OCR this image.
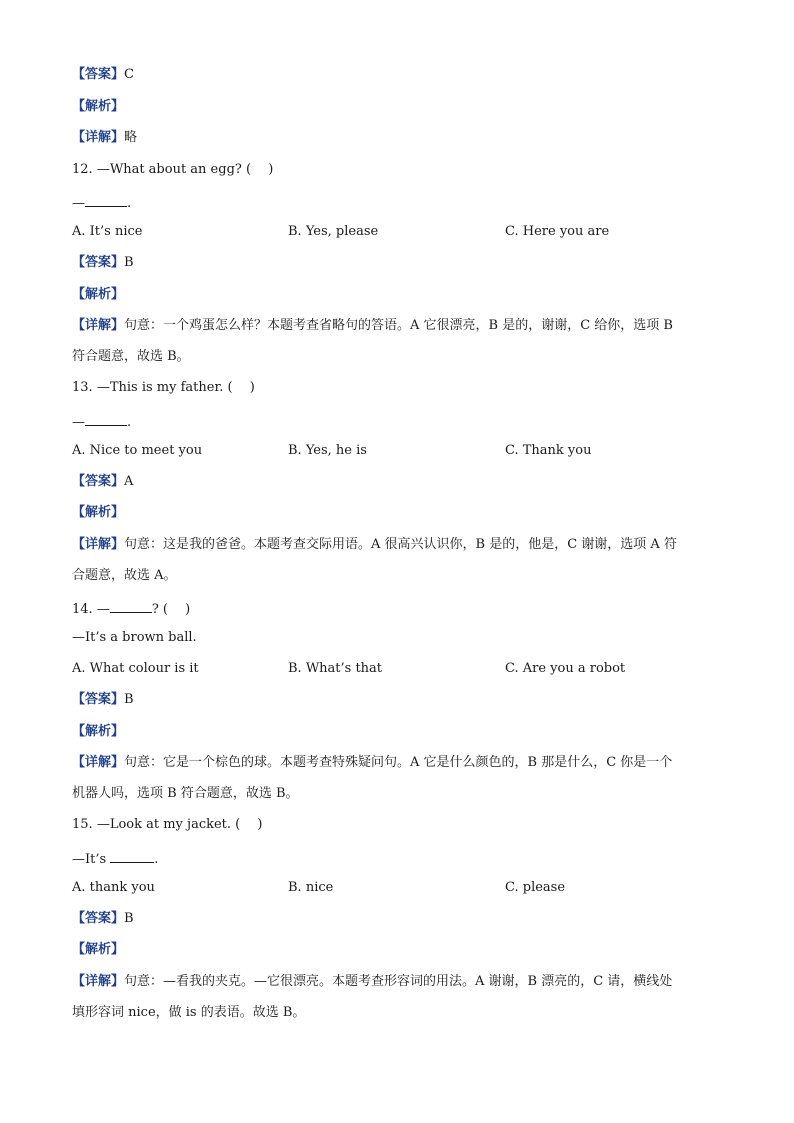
【答案】C
【解析】
【详解】略
12. —What about an egg? (　 )
—	.
A. It’s nice	B. Yes, please	C. Here you are
【答案】B
【解析】
【详解】句意：一个鸡蛋怎么样？本题考查省略句的答语。A 它很漂亮，B 是的，谢谢，C 给你，选项 B
符合题意，故选 B。
13. —This is my father. (　 )
—	.
A. Nice to meet you	B. Yes, he is	C. Thank you
【答案】A
【解析】
【详解】句意：这是我的爸爸。本题考查交际用语。A 很高兴认识你，B 是的，他是，C 谢谢，选项 A 符
合题意，故选 A。
14. —	? (　 )
—It’s a brown ball.
A. What colour is it	B. What’s that	C. Are you a robot
【答案】B
【解析】
【详解】句意：它是一个棕色的球。本题考查特殊疑问句。A 它是什么颜色的，B 那是什么，C 你是一个
机器人吗，选项 B 符合题意，故选 B。
15. —Look at my jacket. (　 )
—It’s	.
A. thank you	B. nice	C. please
【答案】B
【解析】
【详解】句意：—看我的夹克。—它很漂亮。本题考查形容词的用法。A 谢谢，B 漂亮的，C 请，横线处
填形容词 nice，做 is 的表语。故选 B。
